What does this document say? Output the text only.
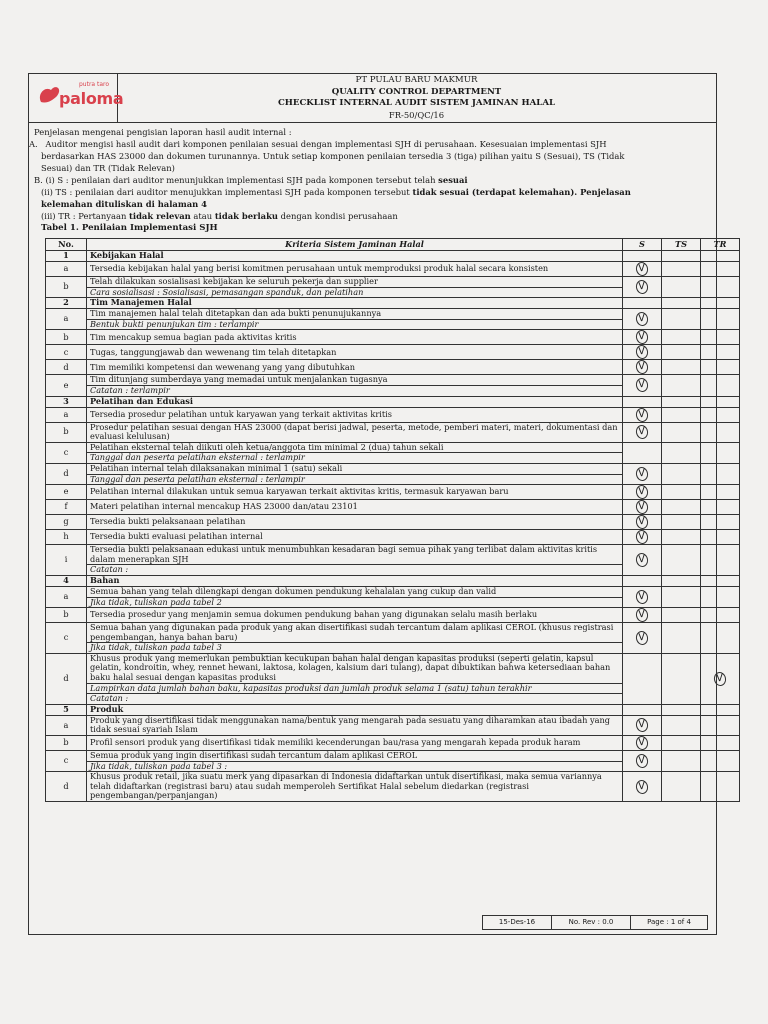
putra taro
paloma
PT PULAU BARU MAKMUR
QUALITY CONTROL DEPARTMENT
CHECKLIST INTERNAL AUDIT SISTEM JAMINAN HALAL
FR-50/QC/16
Penjelasan mengenai pengisian laporan hasil audit internal :
A. Auditor mengisi hasil audit dari komponen penilaian sesuai dengan implementasi SJH di perusahaan. Kesesuaian implementasi SJH
berdasarkan HAS 23000 dan dokumen turunannya. Untuk setiap komponen penilaian tersedia 3 (tiga) pilihan yaitu S (Sesuai), TS (Tidak
Sesuai) dan TR (Tidak Relevan)
B. (i) S : penilaian dari auditor menunjukkan implementasi SJH pada komponen tersebut telah sesuai
(ii) TS : penilaian dari auditor menujukkan implementasi SJH pada komponen tersebut tidak sesuai (terdapat kelemahan). Penjelasan
kelemahan dituliskan di halaman 4
(iii) TR : Pertanyaan tidak relevan atau tidak berlaku dengan kondisi perusahaan
Tabel 1. Penilaian Implementasi SJH
No.	Kriteria Sistem Jaminan Halal	S	TS	TR
1	Kebijakan Halal			
a	Tersedia kebijakan halal yang berisi komitmen perusahaan untuk memproduksi produk halal secara konsisten	V		
b	Telah dilakukan sosialisasi kebijakan ke seluruh pekerja dan supplier	V		
	Cara sosialisasi : Sosialisasi, pemasangan spanduk, dan pelatihan			
2	Tim Manajemen Halal			
a	Tim manajemen halal telah ditetapkan dan ada bukti penunujukannya	V		
	Bentuk bukti penunjukan tim : terlampir			
b	Tim mencakup semua bagian pada aktivitas kritis	V		
c	Tugas, tanggungjawab dan wewenang tim telah ditetapkan	V		
d	Tim memiliki kompetensi dan wewenang yang yang dibutuhkan	V		
e	Tim ditunjang sumberdaya yang memadai untuk menjalankan tugasnya	V		
	Catatan : terlampir			
3	Pelatihan dan Edukasi			
a	Tersedia prosedur pelatihan untuk karyawan yang terkait aktivitas kritis	V		
b	Prosedur pelatihan sesuai dengan HAS 23000 (dapat berisi jadwal, peserta, metode, pemberi materi, materi, dokumentasi dan evaluasi kelulusan)	V		
c	Pelatihan eksternal telah diikuti oleh ketua/anggota tim minimal 2 (dua) tahun sekali			
	Tanggal dan peserta pelatihan eksternal : terlampir			
d	Pelatihan internal telah dilaksanakan minimal 1 (satu) sekali	V		
	Tanggal dan peserta pelatihan eksternal : terlampir			
e	Pelatihan internal dilakukan untuk semua karyawan terkait aktivitas kritis, termasuk karyawan baru	V		
f	Materi pelatihan internal mencakup HAS 23000 dan/atau 23101	V		
g	Tersedia bukti pelaksanaan pelatihan	V		
h	Tersedia bukti evaluasi pelatihan internal	V		
i	Tersedia bukti pelaksanaan edukasi untuk menumbuhkan kesadaran bagi semua pihak yang terlibat dalam aktivitas kritis dalam menerapkan SJH	V		
	Catatan :			
4	Bahan			
a	Semua bahan yang telah dilengkapi dengan dokumen pendukung kehalalan yang cukup dan valid	V		
	Jika tidak, tuliskan pada tabel 2			
b	Tersedia prosedur yang menjamin semua dokumen pendukung bahan yang digunakan selalu masih berlaku	V		
c	Semua bahan yang digunakan pada produk yang akan disertifikasi sudah tercantum dalam aplikasi CEROL (khusus registrasi pengembangan, hanya bahan baru)	V		
	Jika tidak, tuliskan pada tabel 3			
d	Khusus produk yang memerlukan pembuktian kecukupan bahan halal dengan kapasitas produksi (seperti gelatin, kapsul gelatin, kondroitin, whey, rennet hewani, laktosa, kolagen, kalsium dari tulang), dapat dibuktikan bahwa ketersediaan bahan baku halal sesuai dengan kapasitas produksi			V
	Lampirkan data jumlah bahan baku, kapasitas produksi dan jumlah produk selama 1 (satu) tahun terakhir			
	Catatan :			
5	Produk			
a	Produk yang disertifikasi tidak menggunakan nama/bentuk yang mengarah pada sesuatu yang diharamkan atau ibadah yang tidak sesuai syariah Islam	V		
b	Profil sensori produk yang disertifikasi tidak memiliki kecenderungan bau/rasa yang mengarah kepada produk haram	V		
c	Semua produk yang ingin disertifikasi sudah tercantum dalam aplikasi CEROL	V		
	Jika tidak, tuliskan pada tabel 3 :			
d	Khusus produk retail, jika suatu merk yang dipasarkan di Indonesia didaftarkan untuk disertifikasi, maka semua variannya telah didaftarkan (registrasi baru) atau sudah memperoleh Sertifikat Halal sebelum diedarkan (registrasi pengembangan/perpanjangan)	V		
15-Des-16	No. Rev : 0.0	Page : 1 of 4
